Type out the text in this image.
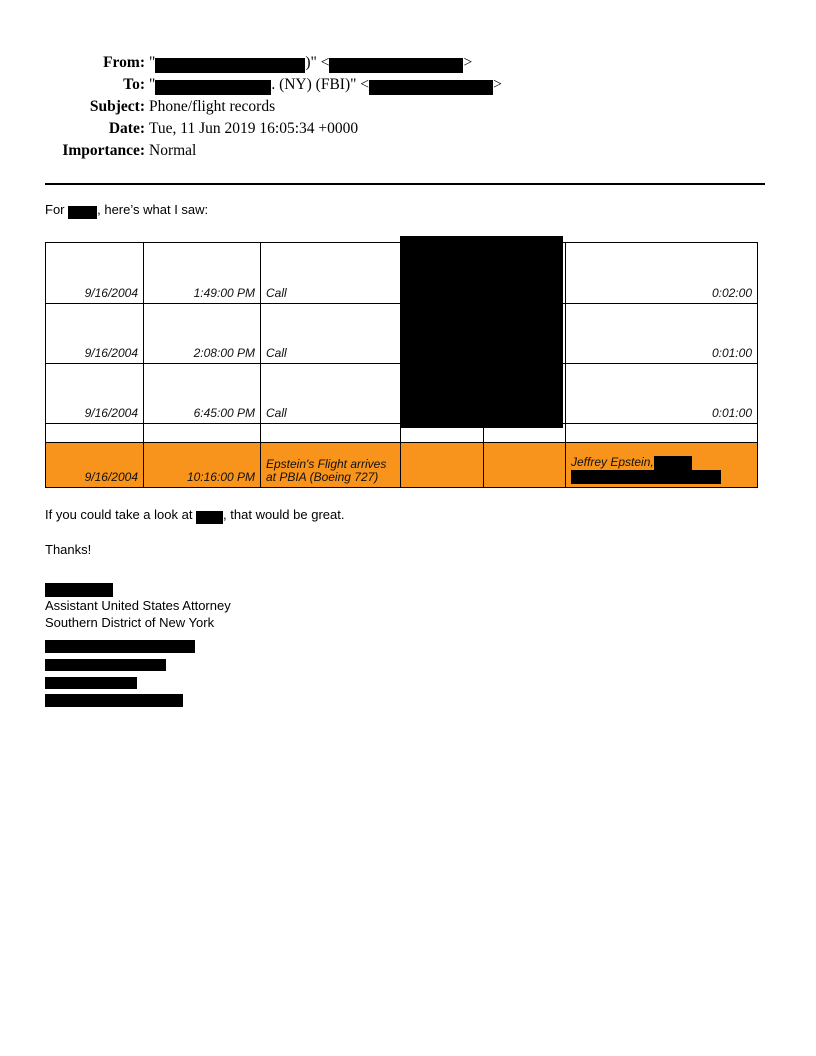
From: "	)" <	>
To: "	. (NY) (FBI)" <	>
Subject: Phone/flight records
Date: Tue, 11 Jun 2019 16:05:34 +0000
Importance: Normal
For , here’s what I saw:
9/16/2004	1:49:00 PM	Call			0:02:00
9/16/2004	2:08:00 PM	Call			0:01:00
9/16/2004	6:45:00 PM	Call			0:01:00

9/16/2004	10:16:00 PM	Epstein's Flight arrives at PBIA (Boeing 727)			Jeffrey Epstein,
If you could take a look at , that would be great.
Thanks!
Assistant United States Attorney
Southern District of New York
